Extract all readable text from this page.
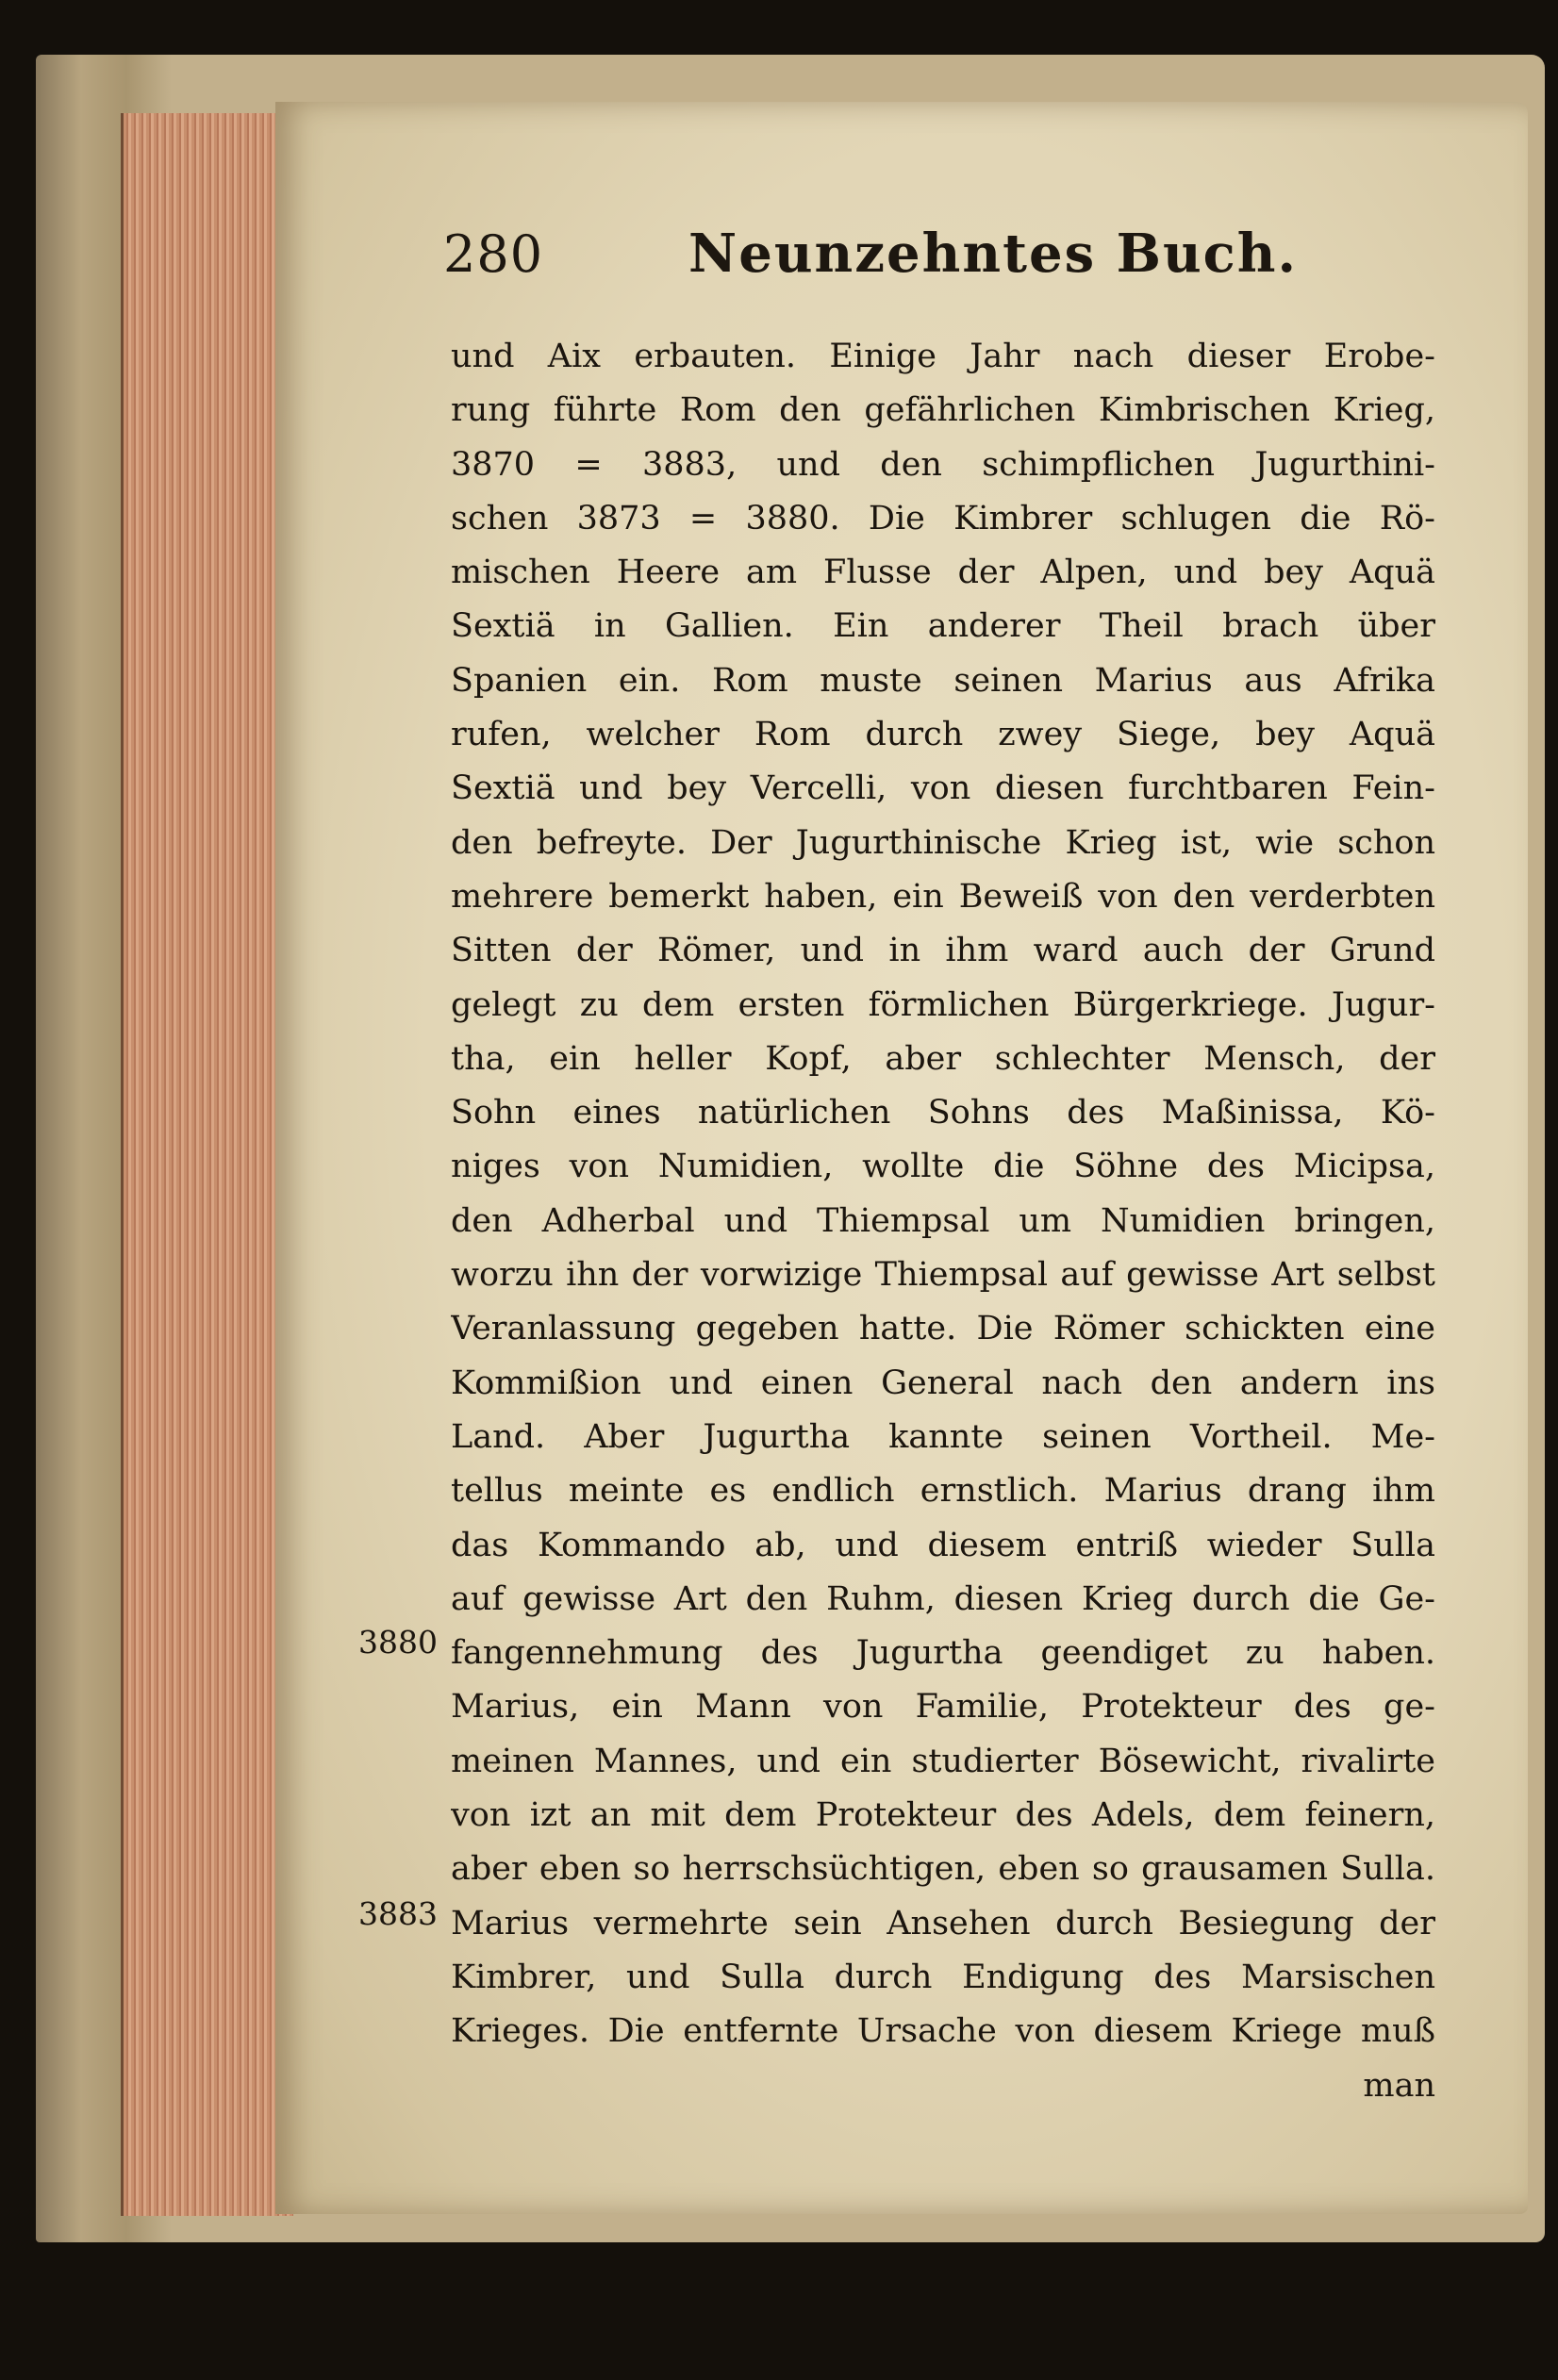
280	Neunzehntes Buch.
und Aix erbauten. Einige Jahr nach dieser Erobe-
rung führte Rom den gefährlichen Kimbrischen Krieg,
3870 = 3883, und den schimpflichen Jugurthini-
schen 3873 = 3880. Die Kimbrer schlugen die Rö-
mischen Heere am Flusse der Alpen, und bey Aquä
Sextiä in Gallien. Ein anderer Theil brach über
Spanien ein. Rom muste seinen Marius aus Afrika
rufen, welcher Rom durch zwey Siege, bey Aquä
Sextiä und bey Vercelli, von diesen furchtbaren Fein-
den befreyte. Der Jugurthinische Krieg ist, wie schon
mehrere bemerkt haben, ein Beweiß von den verderbten
Sitten der Römer, und in ihm ward auch der Grund
gelegt zu dem ersten förmlichen Bürgerkriege. Jugur-
tha, ein heller Kopf, aber schlechter Mensch, der
Sohn eines natürlichen Sohns des Maßinissa, Kö-
niges von Numidien, wollte die Söhne des Micipsa,
den Adherbal und Thiempsal um Numidien bringen,
worzu ihn der vorwizige Thiempsal auf gewisse Art selbst
Veranlassung gegeben hatte. Die Römer schickten eine
Kommißion und einen General nach den andern ins
Land. Aber Jugurtha kannte seinen Vortheil. Me-
tellus meinte es endlich ernstlich. Marius drang ihm
das Kommando ab, und diesem entriß wieder Sulla
auf gewisse Art den Ruhm, diesen Krieg durch die Ge-
fangennehmung des Jugurtha geendiget zu haben.
Marius, ein Mann von Familie, Protekteur des ge-
meinen Mannes, und ein studierter Bösewicht, rivalirte
von izt an mit dem Protekteur des Adels, dem feinern,
aber eben so herrschsüchtigen, eben so grausamen Sulla.
Marius vermehrte sein Ansehen durch Besiegung der
Kimbrer, und Sulla durch Endigung des Marsischen
Krieges. Die entfernte Ursache von diesem Kriege muß
man
3880
3883
